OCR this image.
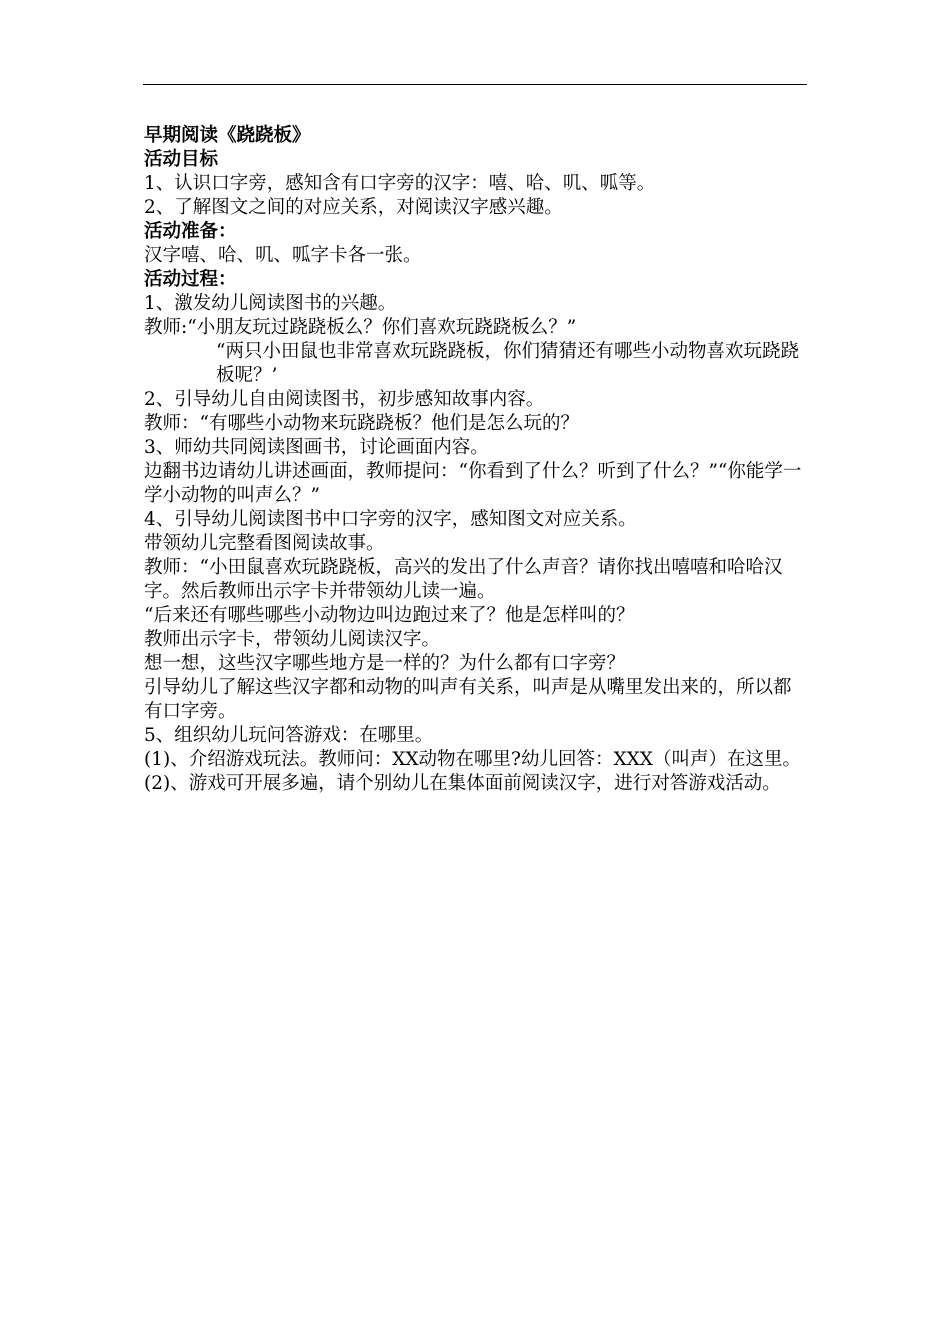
早期阅读《跷跷板》
活动目标
1、认识口字旁，感知含有口字旁的汉字：嘻、哈、叽、呱等。
2、了解图文之间的对应关系，对阅读汉字感兴趣。
活动准备：
汉字嘻、哈、叽、呱字卡各一张。
活动过程：
1、激发幼儿阅读图书的兴趣。
教师:“小朋友玩过跷跷板么？你们喜欢玩跷跷板么？”
“两只小田鼠也非常喜欢玩跷跷板，你们猜猜还有哪些小动物喜欢玩跷跷板呢？’
2、引导幼儿自由阅读图书，初步感知故事内容。
教师：“有哪些小动物来玩跷跷板？他们是怎么玩的？
3、师幼共同阅读图画书，讨论画面内容。
边翻书边请幼儿讲述画面，教师提问：“你看到了什么？听到了什么？”“你能学一学小动物的叫声么？”
4、引导幼儿阅读图书中口字旁的汉字，感知图文对应关系。
带领幼儿完整看图阅读故事。
教师：“小田鼠喜欢玩跷跷板，高兴的发出了什么声音？请你找出嘻嘻和哈哈汉字。然后教师出示字卡并带领幼儿读一遍。
“后来还有哪些哪些小动物边叫边跑过来了？他是怎样叫的？
教师出示字卡，带领幼儿阅读汉字。
想一想，这些汉字哪些地方是一样的？为什么都有口字旁？
引导幼儿了解这些汉字都和动物的叫声有关系，叫声是从嘴里发出来的，所以都有口字旁。
5、组织幼儿玩问答游戏：在哪里。
(1)、介绍游戏玩法。教师问：XX动物在哪里?幼儿回答：XXX（叫声）在这里。
(2)、游戏可开展多遍，请个别幼儿在集体面前阅读汉字，进行对答游戏活动。
